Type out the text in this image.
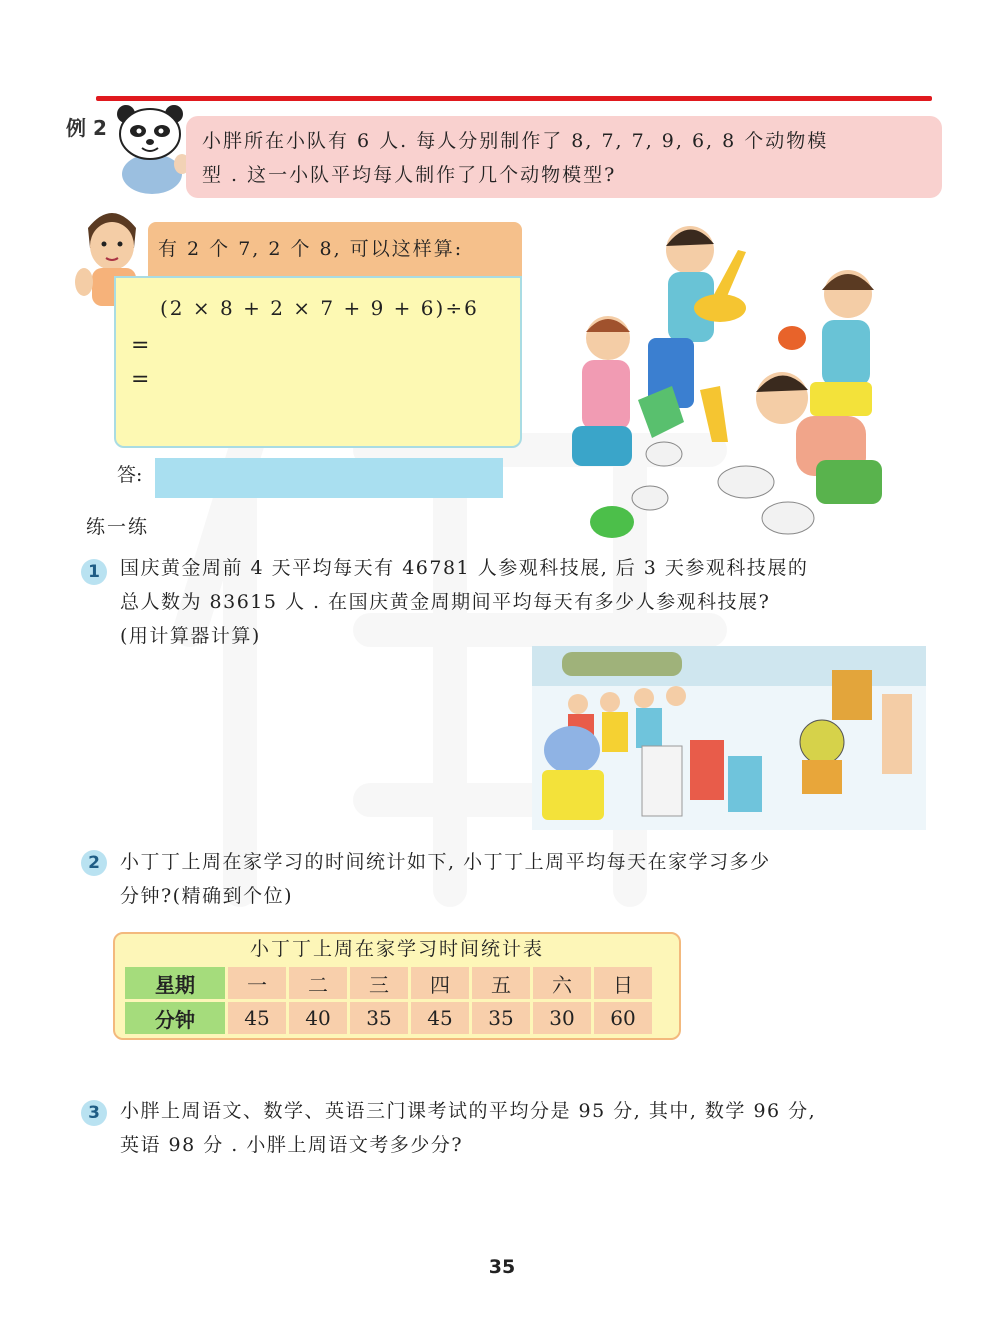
例 2
小胖所在小队有 6 人. 每人分别制作了 8, 7, 7, 9, 6, 8 个动物模
型 . 这一小队平均每人制作了几个动物模型?
有 2 个 7, 2 个 8, 可以这样算:
(2 × 8 + 2 × 7 + 9 + 6)÷6
=
=
答:
练一练
1	国庆黄金周前 4 天平均每天有 46781 人参观科技展, 后 3 天参观科技展的
总人数为 83615 人 . 在国庆黄金周期间平均每天有多少人参观科技展?
(用计算器计算)
2	小丁丁上周在家学习的时间统计如下, 小丁丁上周平均每天在家学习多少
分钟?(精确到个位)
小丁丁上周在家学习时间统计表
星期	一	二	三	四	五	六	日
分钟	45	40	35	45	35	30	60
3	小胖上周语文、数学、英语三门课考试的平均分是 95 分, 其中, 数学 96 分,
英语 98 分 . 小胖上周语文考多少分?
35
